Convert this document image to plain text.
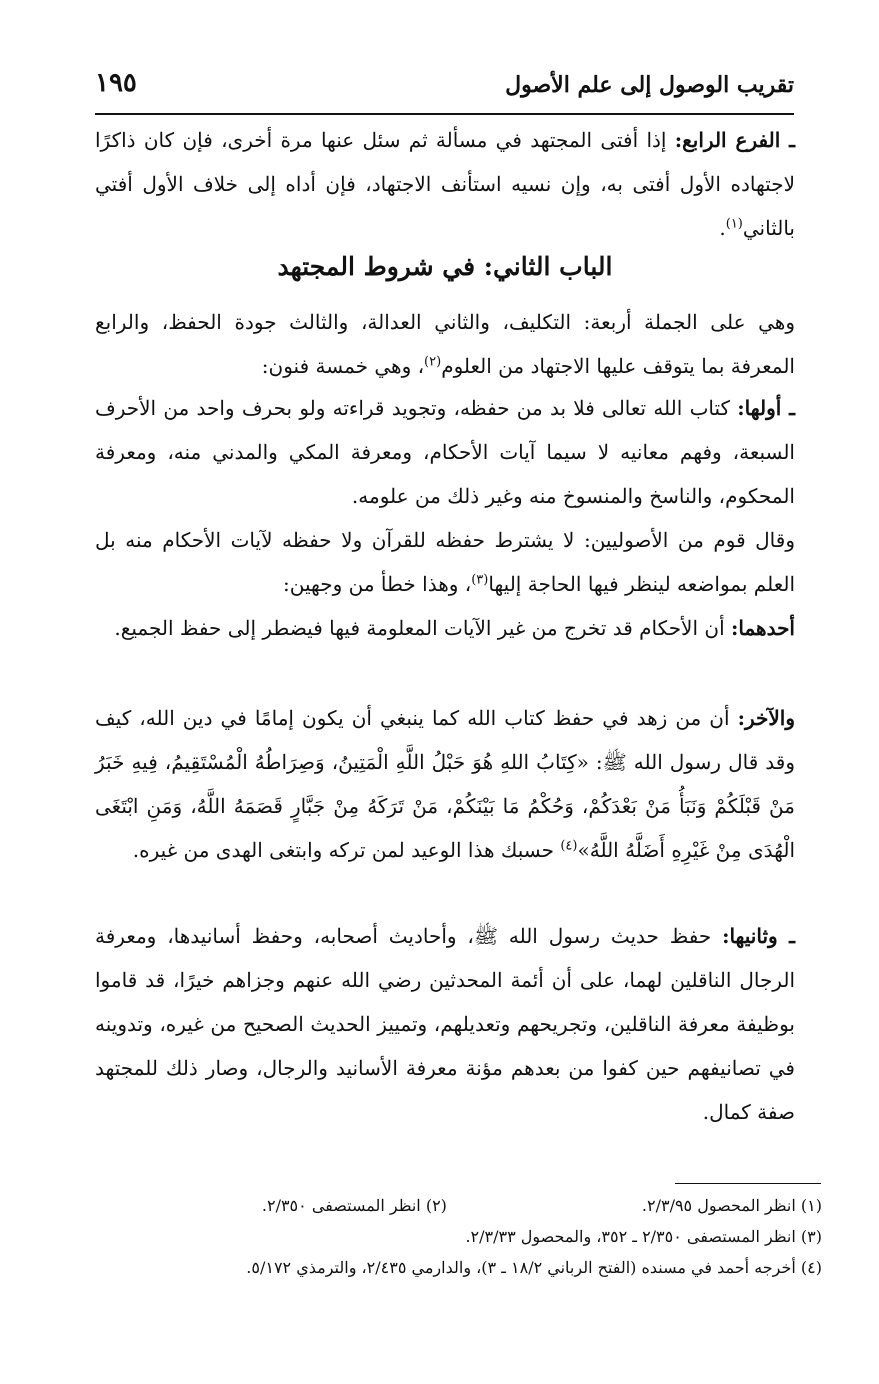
تقريب الوصول إلى علم الأصول
١٩٥

ـ الفرع الرابع: إذا أفتى المجتهد في مسألة ثم سئل عنها مرة أخرى، فإن كان ذاكرًا لاجتهاده الأول أفتى به، وإن نسيه استأنف الاجتهاد، فإن أداه إلى خلاف الأول أفتي بالثاني$^{(١)}$.

الباب الثاني: في شروط المجتهد

وهي على الجملة أربعة: التكليف، والثاني العدالة، والثالث جودة الحفظ، والرابع المعرفة بما يتوقف عليها الاجتهاد من العلوم$^{(٢)}$، وهي خمسة فنون:

ـ أولها: كتاب الله تعالى فلا بد من حفظه، وتجويد قراءته ولو بحرف واحد من الأحرف السبعة، وفهم معانيه لا سيما آيات الأحكام، ومعرفة المكي والمدني منه، ومعرفة المحكوم، والناسخ والمنسوخ منه وغير ذلك من علومه.

وقال قوم من الأصوليين: لا يشترط حفظه للقرآن ولا حفظه لآيات الأحكام منه بل العلم بمواضعه لينظر فيها الحاجة إليها$^{(٣)}$، وهذا خطأ من وجهين:

أحدهما: أن الأحكام قد تخرج من غير الآيات المعلومة فيها فيضطر إلى حفظ الجميع.

والآخر: أن من زهد في حفظ كتاب الله كما ينبغي أن يكون إمامًا في دين الله، كيف وقد قال رسول الله ﷺ: «كِتَابُ اللهِ هُوَ حَبْلُ اللَّهِ الْمَتِينُ، وَصِرَاطُهُ الْمُسْتَقِيمُ، فِيهِ خَبَرُ مَنْ قَبْلَكُمْ وَنَبَأُ مَنْ بَعْدَكُمْ، وَحُكْمُ مَا بَيْنَكُمْ، مَنْ تَرَكَهُ مِنْ جَبَّارٍ قَصَمَهُ اللَّهُ، وَمَنِ ابْتَغَى الْهُدَى مِنْ غَيْرِهِ أَضَلَّهُ اللَّهُ»$^{(٤)}$ حسبك هذا الوعيد لمن تركه وابتغى الهدى من غيره.

ـ وثانيها: حفظ حديث رسول الله ﷺ، وأحاديث أصحابه، وحفظ أسانيدها، ومعرفة الرجال الناقلين لهما، على أن أئمة المحدثين رضي الله عنهم وجزاهم خيرًا، قد قاموا بوظيفة معرفة الناقلين، وتجريحهم وتعديلهم، وتمييز الحديث الصحيح من غيره، وتدوينه في تصانيفهم حين كفوا من بعدهم مؤنة معرفة الأسانيد والرجال، وصار ذلك للمجتهد صفة كمال.

(١) انظر المحصول ٢/٣/٩٥. (٢) انظر المستصفى ٢/٣٥٠.
(٣) انظر المستصفى ٢/٣٥٠ ـ ٣٥٢، والمحصول ٢/٣/٣٣.
(٤) أخرجه أحمد في مسنده (الفتح الرباني ١٨/٢ ـ ٣)، والدارمي ٢/٤٣٥، والترمذي ٥/١٧٢.
